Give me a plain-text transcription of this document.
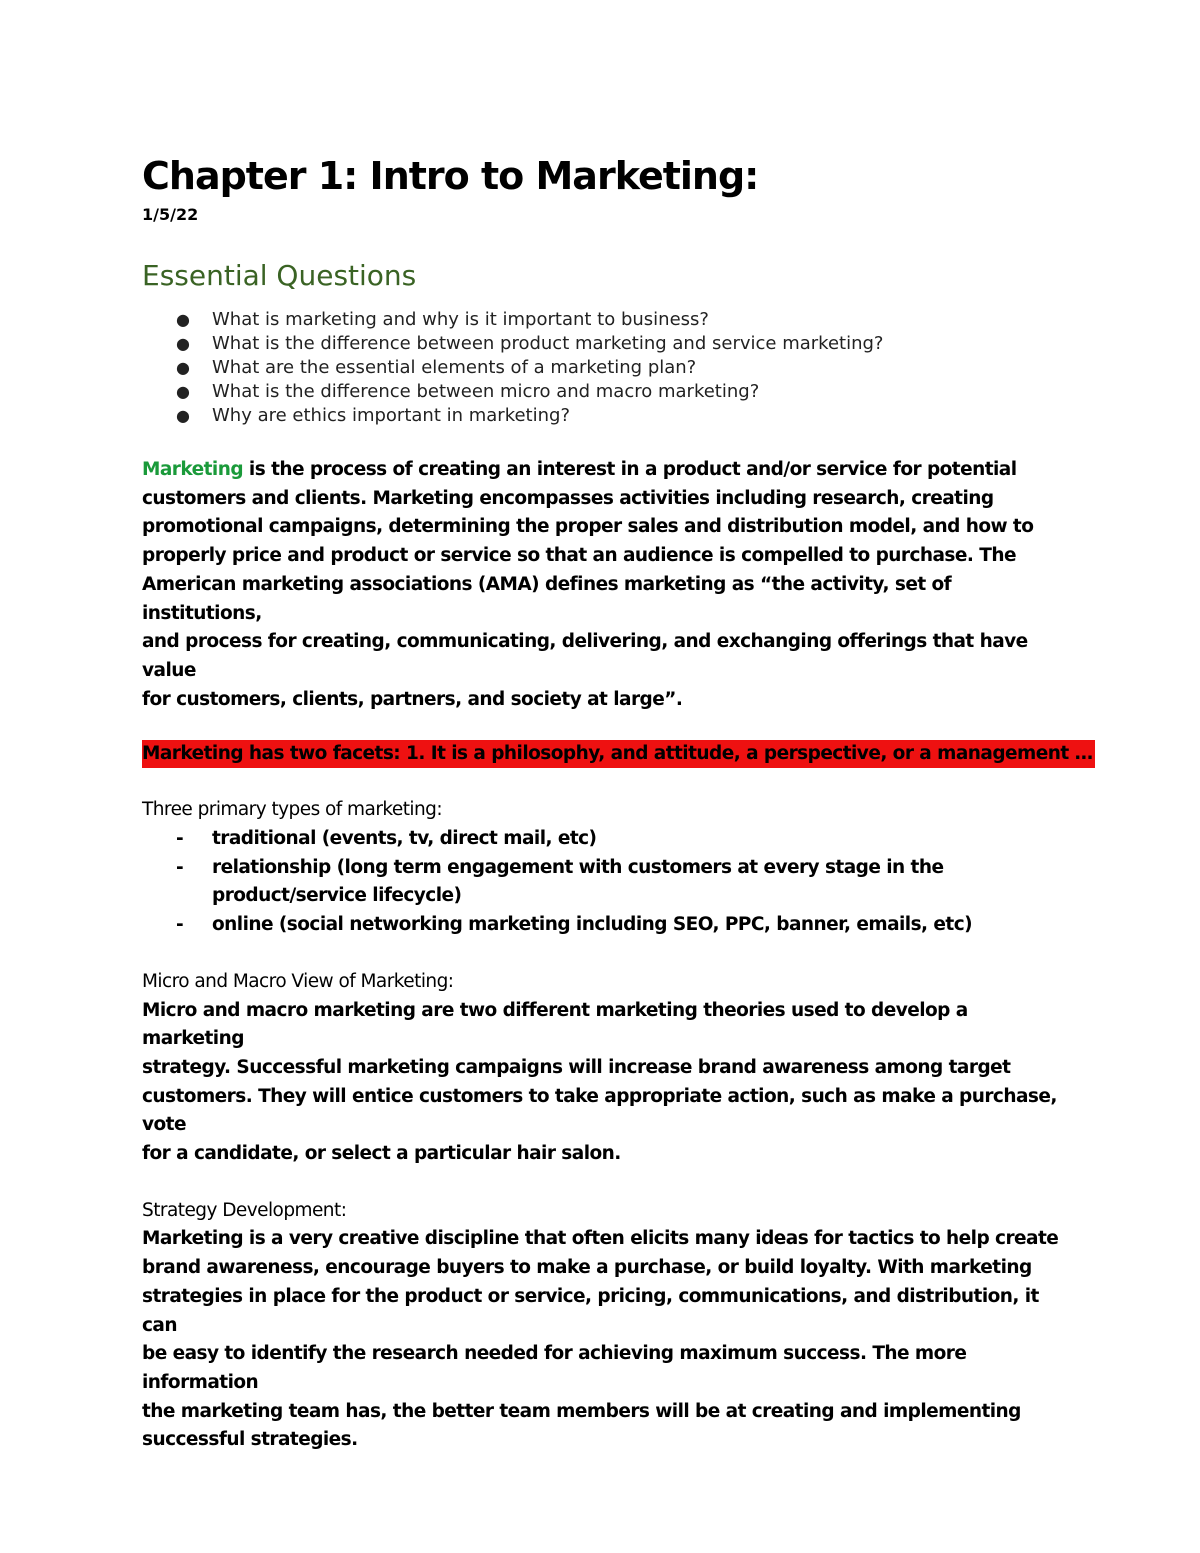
Chapter 1: Intro to Marketing:
1/5/22
Essential Questions
● What is marketing and why is it important to business?
● What is the difference between product marketing and service marketing?
● What are the essential elements of a marketing plan?
● What is the difference between micro and macro marketing?
● Why are ethics important in marketing?
Marketing is the process of creating an interest in a product and/or service for potential
customers and clients. Marketing encompasses activities including research, creating
promotional campaigns, determining the proper sales and distribution model, and how to
properly price and product or service so that an audience is compelled to purchase. The
American marketing associations (AMA) defines marketing as “the activity, set of institutions,
and process for creating, communicating, delivering, and exchanging offerings that have value
for customers, clients, partners, and society at large”.
Marketing has two facets: 1. It is a philosophy, and attitude, a perspective, or a management …
Three primary types of marketing:
- traditional (events, tv, direct mail, etc)
- relationship (long term engagement with customers at every stage in the
product/service lifecycle)
- online (social networking marketing including SEO, PPC, banner, emails, etc)
Micro and Macro View of Marketing:
Micro and macro marketing are two different marketing theories used to develop a marketing
strategy. Successful marketing campaigns will increase brand awareness among target
customers. They will entice customers to take appropriate action, such as make a purchase, vote
for a candidate, or select a particular hair salon.
Strategy Development:
Marketing is a very creative discipline that often elicits many ideas for tactics to help create
brand awareness, encourage buyers to make a purchase, or build loyalty. With marketing
strategies in place for the product or service, pricing, communications, and distribution, it can
be easy to identify the research needed for achieving maximum success. The more information
the marketing team has, the better team members will be at creating and implementing
successful strategies.
